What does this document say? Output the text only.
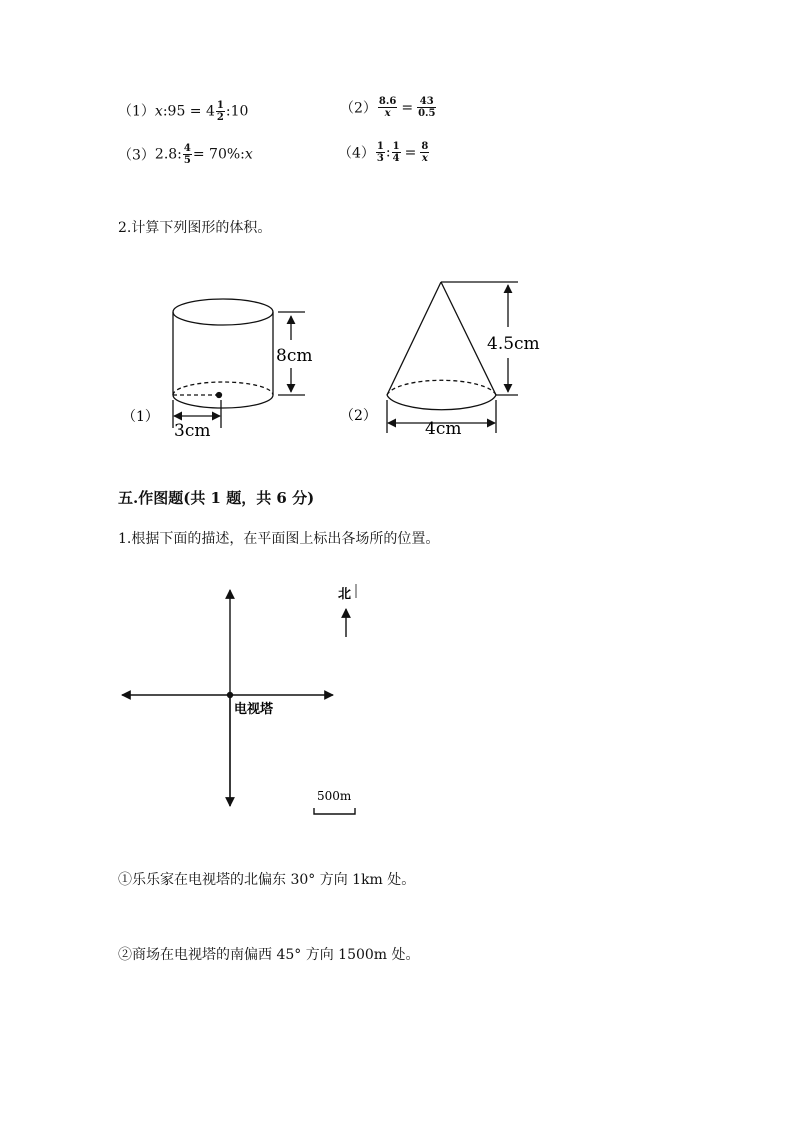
（1）x:95 = $4 \frac{1}{2}$ :10	$(2) \frac{8.6}{x} = \frac{43}{0.5}$
（3）2.8: $\frac{4}{5}$ = 70%:x	$(4) \frac{1}{3}$ : $\frac{1}{4} = \frac{8}{x}$
2.计算下列图形的体积。
8cm
3cm
（1）
4.5cm
4cm
（2）
北
电视塔
500m
五.作图题(共 1 题，共 6 分)
1.根据下面的描述，在平面图上标出各场所的位置。
①乐乐家在电视塔的北偏东 30° 方向 1km 处。
②商场在电视塔的南偏西 45° 方向 1500m 处。
